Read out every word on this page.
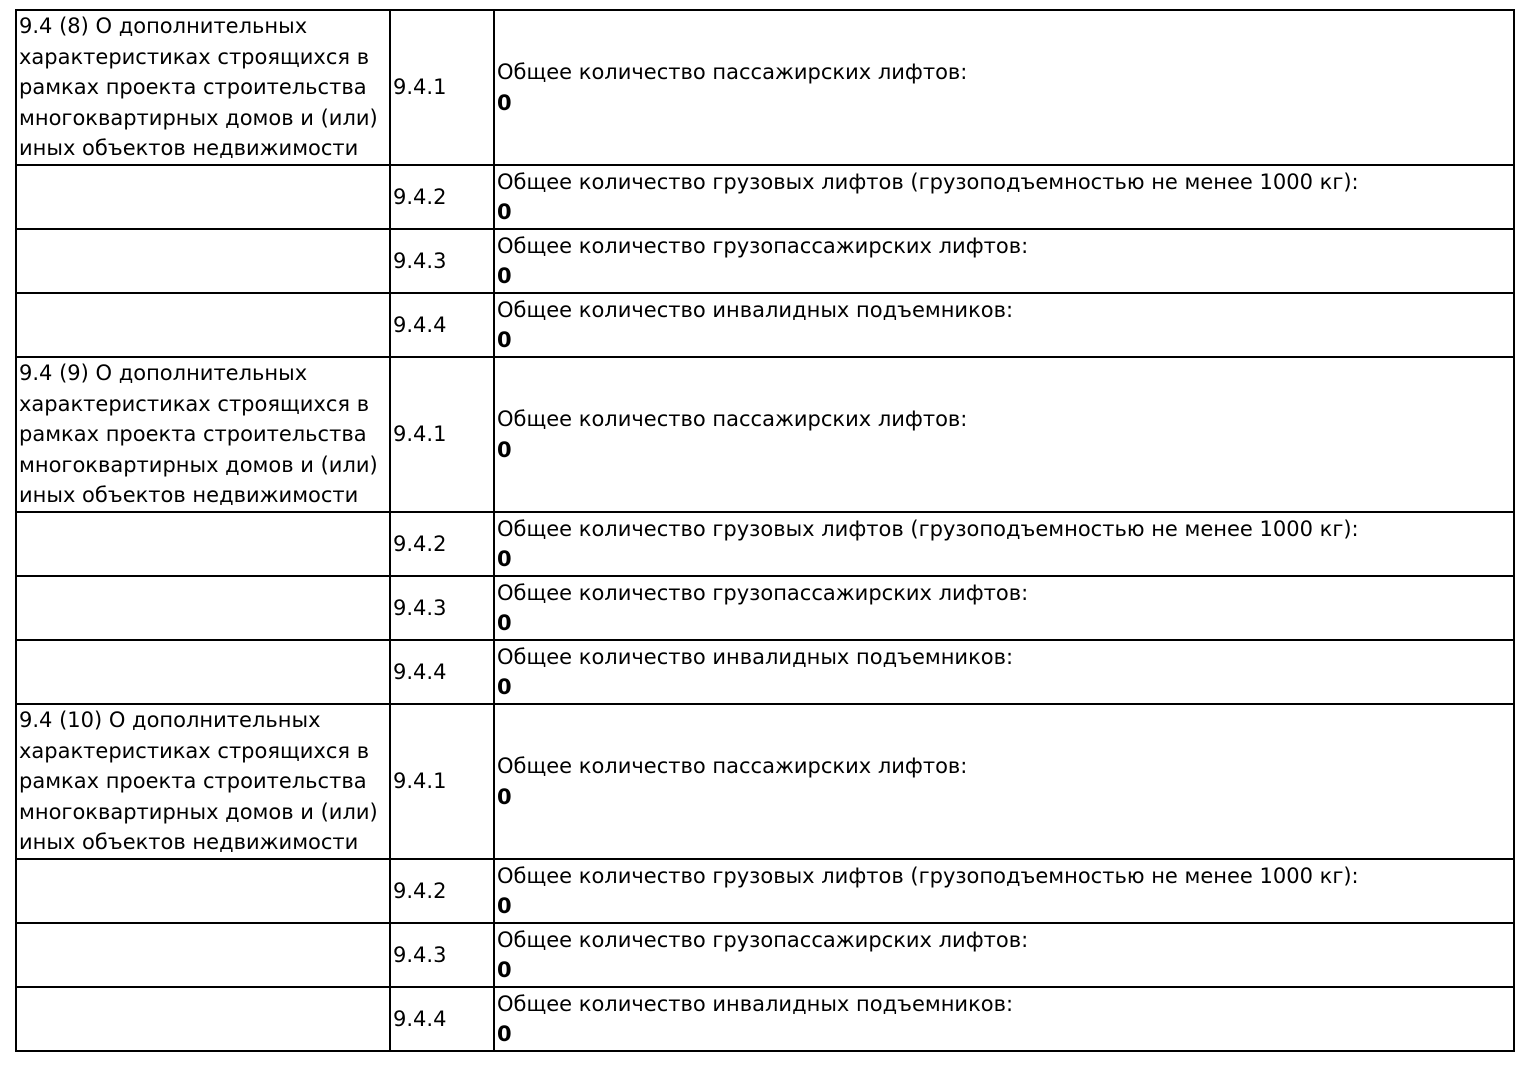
9.4 (8) О дополнительных характеристиках строящихся в рамках проекта строительства многоквартирных домов и (или) иных объектов недвижимости	9.4.1	Общее количество пассажирских лифтов:
0

	9.4.2	Общее количество грузовых лифтов (грузоподъемностью не менее 1000 кг):
0

	9.4.3	Общее количество грузопассажирских лифтов:
0

	9.4.4	Общее количество инвалидных подъемников:
0

9.4 (9) О дополнительных характеристиках строящихся в рамках проекта строительства многоквартирных домов и (или) иных объектов недвижимости	9.4.1	Общее количество пассажирских лифтов:
0

	9.4.2	Общее количество грузовых лифтов (грузоподъемностью не менее 1000 кг):
0

	9.4.3	Общее количество грузопассажирских лифтов:
0

	9.4.4	Общее количество инвалидных подъемников:
0

9.4 (10) О дополнительных характеристиках строящихся в рамках проекта строительства многоквартирных домов и (или) иных объектов недвижимости	9.4.1	Общее количество пассажирских лифтов:
0

	9.4.2	Общее количество грузовых лифтов (грузоподъемностью не менее 1000 кг):
0

	9.4.3	Общее количество грузопассажирских лифтов:
0

	9.4.4	Общее количество инвалидных подъемников:
0
